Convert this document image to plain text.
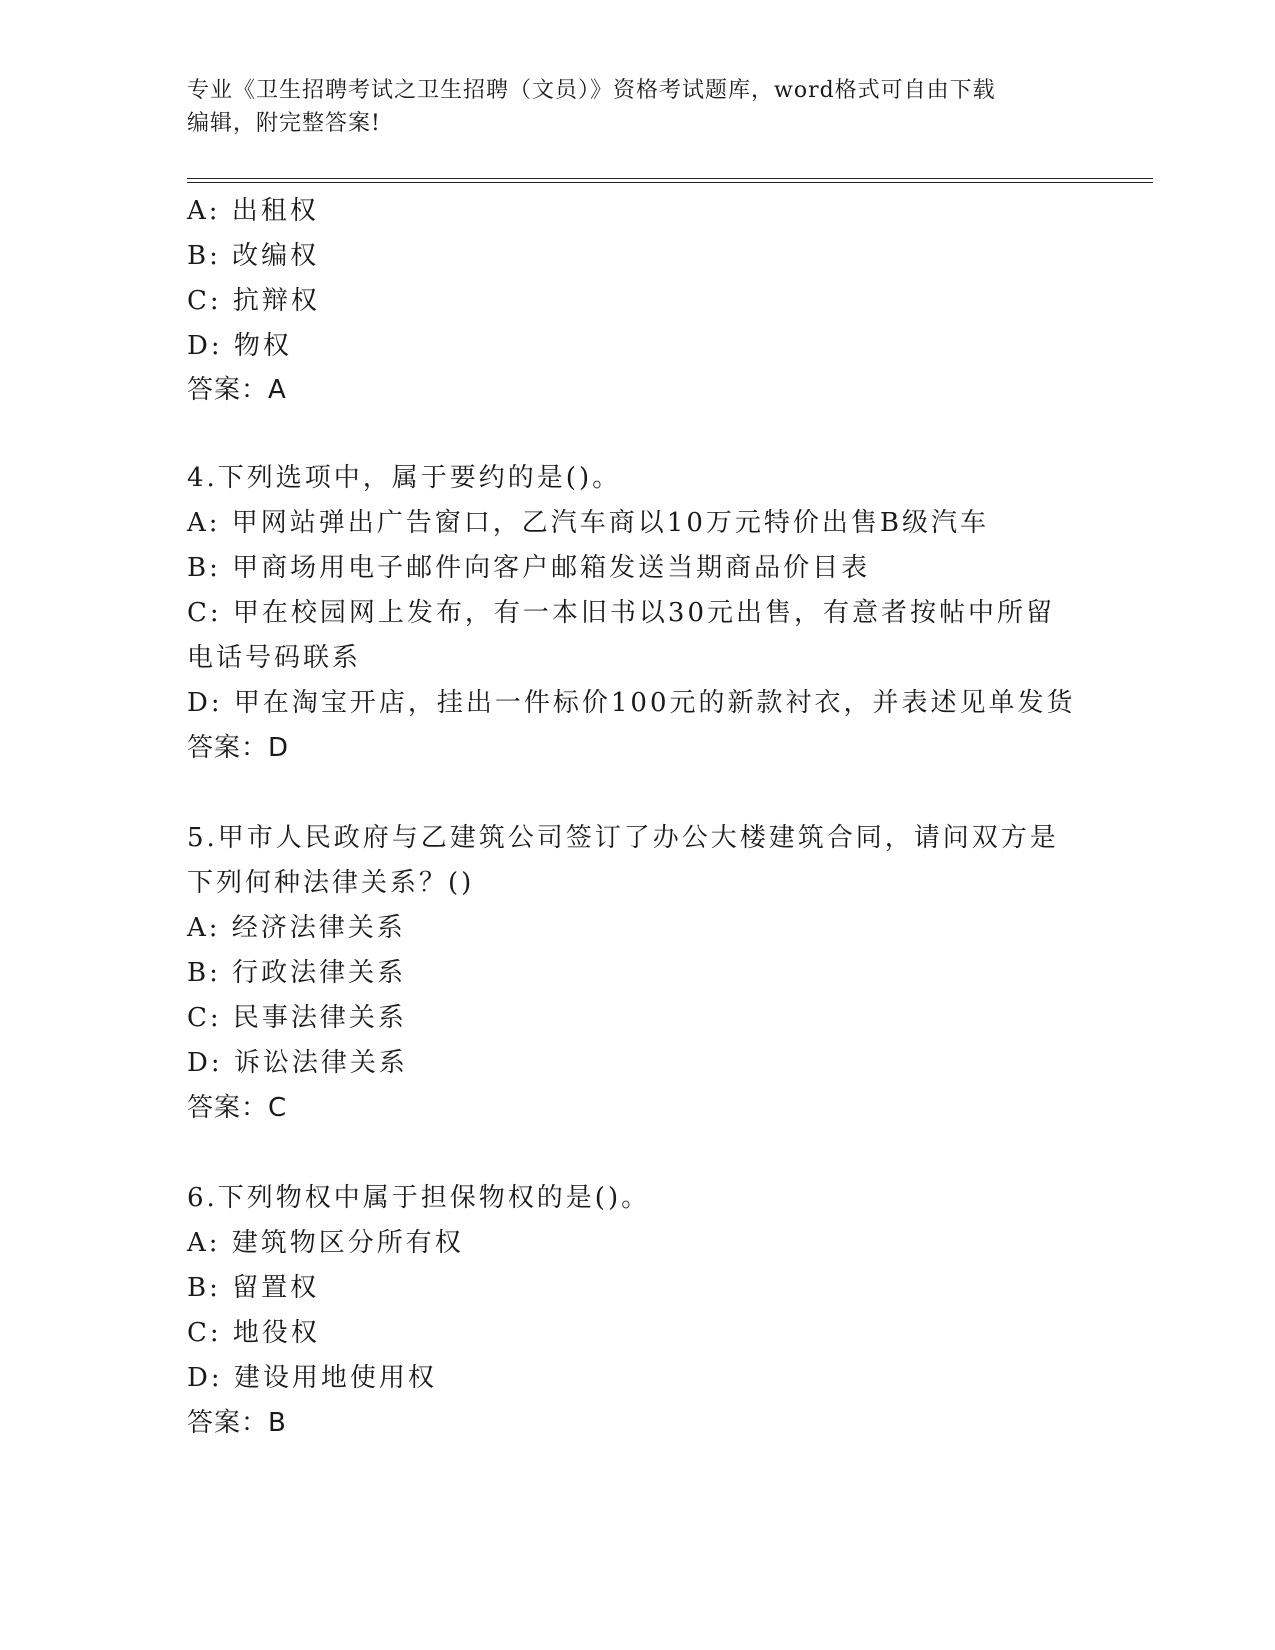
专业《卫生招聘考试之卫生招聘（文员）》资格考试题库，word格式可自由下载
编辑，附完整答案!
A: 出租权
B: 改编权
C: 抗辩权
D: 物权
答案：A
4.下列选项中，属于要约的是()。
A: 甲网站弹出广告窗口，乙汽车商以10万元特价出售B级汽车
B: 甲商场用电子邮件向客户邮箱发送当期商品价目表
C: 甲在校园网上发布，有一本旧书以30元出售，有意者按帖中所留
电话号码联系
D: 甲在淘宝开店，挂出一件标价100元的新款衬衣，并表述见单发货
答案：D
5.甲市人民政府与乙建筑公司签订了办公大楼建筑合同，请问双方是
下列何种法律关系？()
A: 经济法律关系
B: 行政法律关系
C: 民事法律关系
D: 诉讼法律关系
答案：C
6.下列物权中属于担保物权的是()。
A: 建筑物区分所有权
B: 留置权
C: 地役权
D: 建设用地使用权
答案：B
